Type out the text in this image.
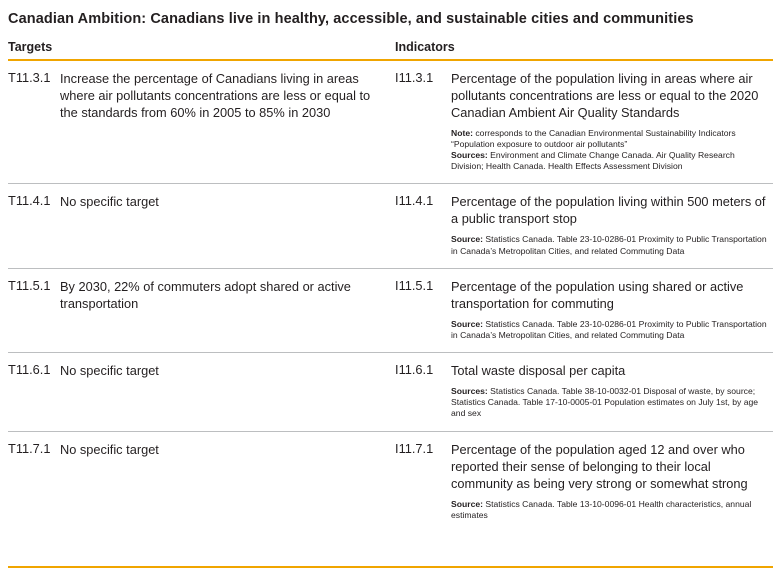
Canadian Ambition: Canadians live in healthy, accessible, and sustainable cities and communities
Targets		Indicators	
T11.3.1	Increase the percentage of Canadians living in areas where air pollutants concentrations are less or equal to the standards from 60% in 2005 to 85% in 2030	I11.3.1	Percentage of the population living in areas where air pollutants concentrations are less or equal to the 2020 Canadian Ambient Air Quality Standards
Note: corresponds to the Canadian Environmental Sustainability Indicators “Population exposure to outdoor air pollutants”
Sources: Environment and Climate Change Canada. Air Quality Research Division; Health Canada. Health Effects Assessment Division

T11.4.1	No specific target	I11.4.1	Percentage of the population living within 500 meters of a public transport stop
Source: Statistics Canada. Table 23-10-0286-01 Proximity to Public Transportation in Canada’s Metropolitan Cities, and related Commuting Data

T11.5.1	By 2030, 22% of commuters adopt shared or active transportation	I11.5.1	Percentage of the population using shared or active transportation for commuting
Source: Statistics Canada. Table 23-10-0286-01 Proximity to Public Transportation in Canada’s Metropolitan Cities, and related Commuting Data

T11.6.1	No specific target	I11.6.1	Total waste disposal per capita
Sources: Statistics Canada. Table 38-10-0032-01 Disposal of waste, by source; Statistics Canada. Table 17-10-0005-01 Population estimates on July 1st, by age and sex

T11.7.1	No specific target	I11.7.1	Percentage of the population aged 12 and over who reported their sense of belonging to their local community as being very strong or somewhat strong
Source: Statistics Canada. Table 13-10-0096-01 Health characteristics, annual estimates
